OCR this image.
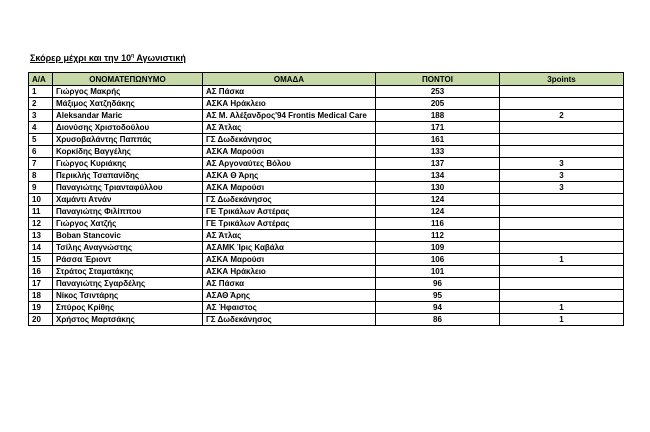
Σκόρερ μέχρι και την $10^\eta$ Αγωνιστική
Α/Α	ΟΝΟΜΑΤΕΠΩΝΥΜΟ	ΟΜΑΔΑ	ΠΟΝΤΟΙ	3points
1	Γιώργος Μακρής	ΑΣ Πάσκα	253	
2	Μάξιμος Χατζηδάκης	ΑΣΚΑ Ηράκλειο	205	
3	Aleksandar Maric	ΑΣ Μ. Αλέξανδρος'94 Frontis Medical Care	188	2
4	Διονύσης Χριστοδούλου	ΑΣ Άτλας	171	
5	Χρυσοβαλάντης Παππάς	ΓΣ Δωδεκάνησος	161	
6	Κορκίδης Βαγγέλης	ΑΣΚΑ Μαρούσι	133	
7	Γιώργος Κυριάκης	ΑΣ Αργοναύτες Βόλου	137	3
8	Περικλής Τσαπανίδης	ΑΣΚΑ Θ Άρης	134	3
9	Παναγιώτης Τριανταφύλλου	ΑΣΚΑ Μαρούσι	130	3
10	Χαμάντι Ατνάν	ΓΣ Δωδεκάνησος	124	
11	Παναγιώτης Φιλίππου	ΓΕ Τρικάλων Αστέρας	124	
12	Γιώργος Χατζής	ΓΕ Τρικάλων Αστέρας	116	
13	Boban Stancovic	ΑΣ Άτλας	112	
14	Τσίλης Αναγνώστης	ΑΣΑΜΚ Ίρις Καβάλα	109	
15	Ράσσα Έριοντ	ΑΣΚΑ Μαρούσι	106	1
16	Στράτος Σταματάκης	ΑΣΚΑ Ηράκλειο	101	
17	Παναγιώτης Σγαρδέλης	ΑΣ Πάσκα	96	
18	Νίκος Τσιντάρης	ΑΣΑΘ Άρης	95	
19	Σπύρος Κρίθης	ΑΣ Ήφαιστος	94	1
20	Χρήστος Μαρτσάκης	ΓΣ Δωδεκάνησος	86	1
